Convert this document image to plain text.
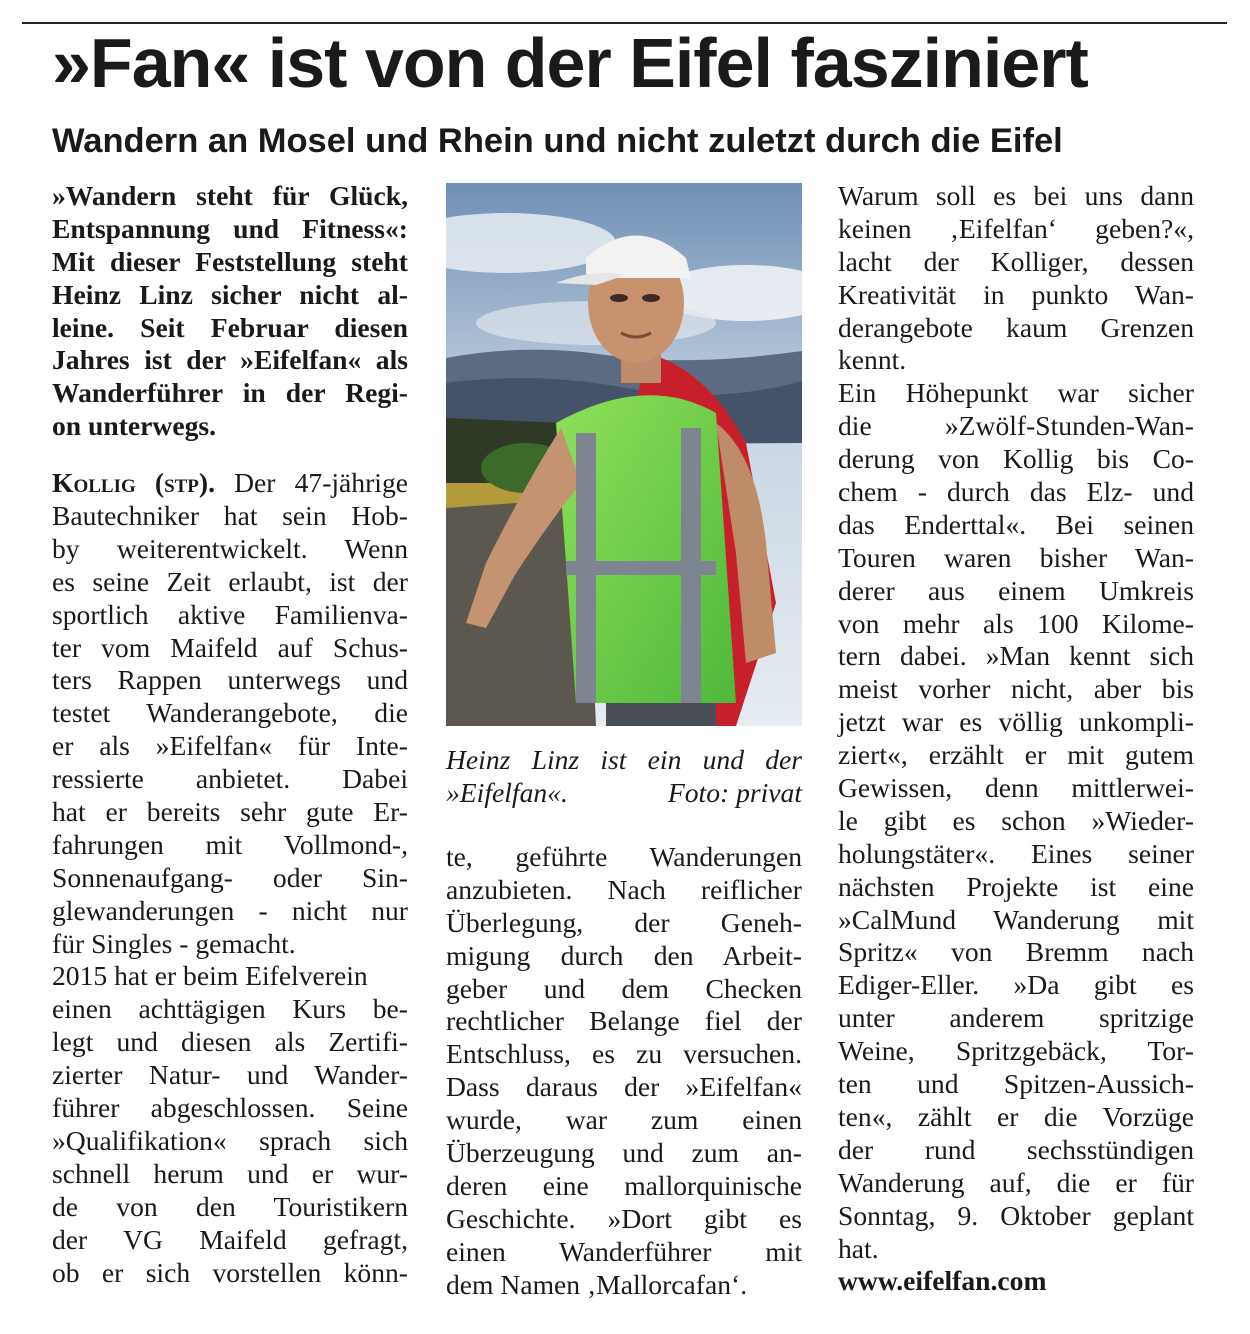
»Fan« ist von der Eifel fasziniert
Wandern an Mosel und Rhein und nicht zuletzt durch die Eifel
»Wandern steht für Glück,
Entspannung und Fitness«:
Mit dieser Feststellung steht
Heinz Linz sicher nicht al-
leine. Seit Februar diesen
Jahres ist der »Eifelfan« als
Wanderführer in der Regi-
on unterwegs.
Kollig (stp). Der 47-jährige
Bautechniker hat sein Hob-
by weiterentwickelt. Wenn
es seine Zeit erlaubt, ist der
sportlich aktive Familienva-
ter vom Maifeld auf Schus-
ters Rappen unterwegs und
testet Wanderangebote, die
er als »Eifelfan« für Inte-
ressierte anbietet. Dabei
hat er bereits sehr gute Er-
fahrungen mit Vollmond-,
Sonnenaufgang- oder Sin-
glewanderungen - nicht nur
für Singles - gemacht.
2015 hat er beim Eifelverein
einen achttägigen Kurs be-
legt und diesen als Zertifi-
zierter Natur- und Wander-
führer abgeschlossen. Seine
»Qualifikation« sprach sich
schnell herum und er wur-
de von den Touristikern
der VG Maifeld gefragt,
ob er sich vorstellen könn-
Heinz Linz ist ein und der
»Eifelfan«.	Foto: privat
te, geführte Wanderungen
anzubieten. Nach reiflicher
Überlegung, der Geneh-
migung durch den Arbeit-
geber und dem Checken
rechtlicher Belange fiel der
Entschluss, es zu versuchen.
Dass daraus der »Eifelfan«
wurde, war zum einen
Überzeugung und zum an-
deren eine mallorquinische
Geschichte. »Dort gibt es
einen Wanderführer mit
dem Namen ‚Mallorcafan‘.
Warum soll es bei uns dann
keinen ‚Eifelfan‘ geben?«,
lacht der Kolliger, dessen
Kreativität in punkto Wan-
derangebote kaum Grenzen
kennt.
Ein Höhepunkt war sicher
die »Zwölf-Stunden-Wan-
derung von Kollig bis Co-
chem - durch das Elz- und
das Enderttal«. Bei seinen
Touren waren bisher Wan-
derer aus einem Umkreis
von mehr als 100 Kilome-
tern dabei. »Man kennt sich
meist vorher nicht, aber bis
jetzt war es völlig unkompli-
ziert«, erzählt er mit gutem
Gewissen, denn mittlerwei-
le gibt es schon »Wieder-
holungstäter«. Eines seiner
nächsten Projekte ist eine
»CalMund Wanderung mit
Spritz« von Bremm nach
Ediger-Eller. »Da gibt es
unter anderem spritzige
Weine, Spritzgebäck, Tor-
ten und Spitzen-Aussich-
ten«, zählt er die Vorzüge
der rund sechsstündigen
Wanderung auf, die er für
Sonntag, 9. Oktober geplant
hat.
www.eifelfan.com
